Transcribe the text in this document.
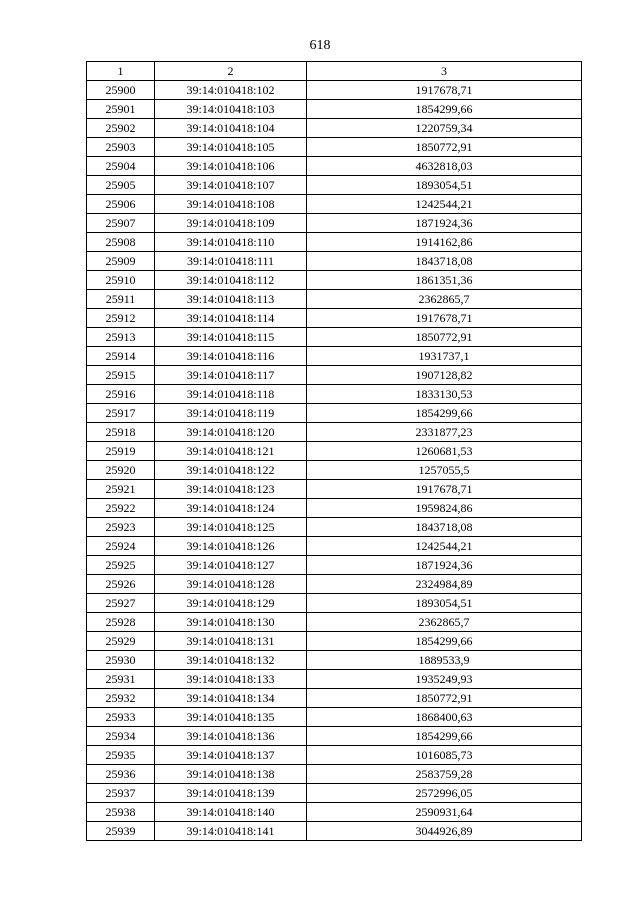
618
1	2	3
25900	39:14:010418:102	1917678,71
25901	39:14:010418:103	1854299,66
25902	39:14:010418:104	1220759,34
25903	39:14:010418:105	1850772,91
25904	39:14:010418:106	4632818,03
25905	39:14:010418:107	1893054,51
25906	39:14:010418:108	1242544,21
25907	39:14:010418:109	1871924,36
25908	39:14:010418:110	1914162,86
25909	39:14:010418:111	1843718,08
25910	39:14:010418:112	1861351,36
25911	39:14:010418:113	2362865,7
25912	39:14:010418:114	1917678,71
25913	39:14:010418:115	1850772,91
25914	39:14:010418:116	1931737,1
25915	39:14:010418:117	1907128,82
25916	39:14:010418:118	1833130,53
25917	39:14:010418:119	1854299,66
25918	39:14:010418:120	2331877,23
25919	39:14:010418:121	1260681,53
25920	39:14:010418:122	1257055,5
25921	39:14:010418:123	1917678,71
25922	39:14:010418:124	1959824,86
25923	39:14:010418:125	1843718,08
25924	39:14:010418:126	1242544,21
25925	39:14:010418:127	1871924,36
25926	39:14:010418:128	2324984,89
25927	39:14:010418:129	1893054,51
25928	39:14:010418:130	2362865,7
25929	39:14:010418:131	1854299,66
25930	39:14:010418:132	1889533,9
25931	39:14:010418:133	1935249,93
25932	39:14:010418:134	1850772,91
25933	39:14:010418:135	1868400,63
25934	39:14:010418:136	1854299,66
25935	39:14:010418:137	1016085,73
25936	39:14:010418:138	2583759,28
25937	39:14:010418:139	2572996,05
25938	39:14:010418:140	2590931,64
25939	39:14:010418:141	3044926,89
